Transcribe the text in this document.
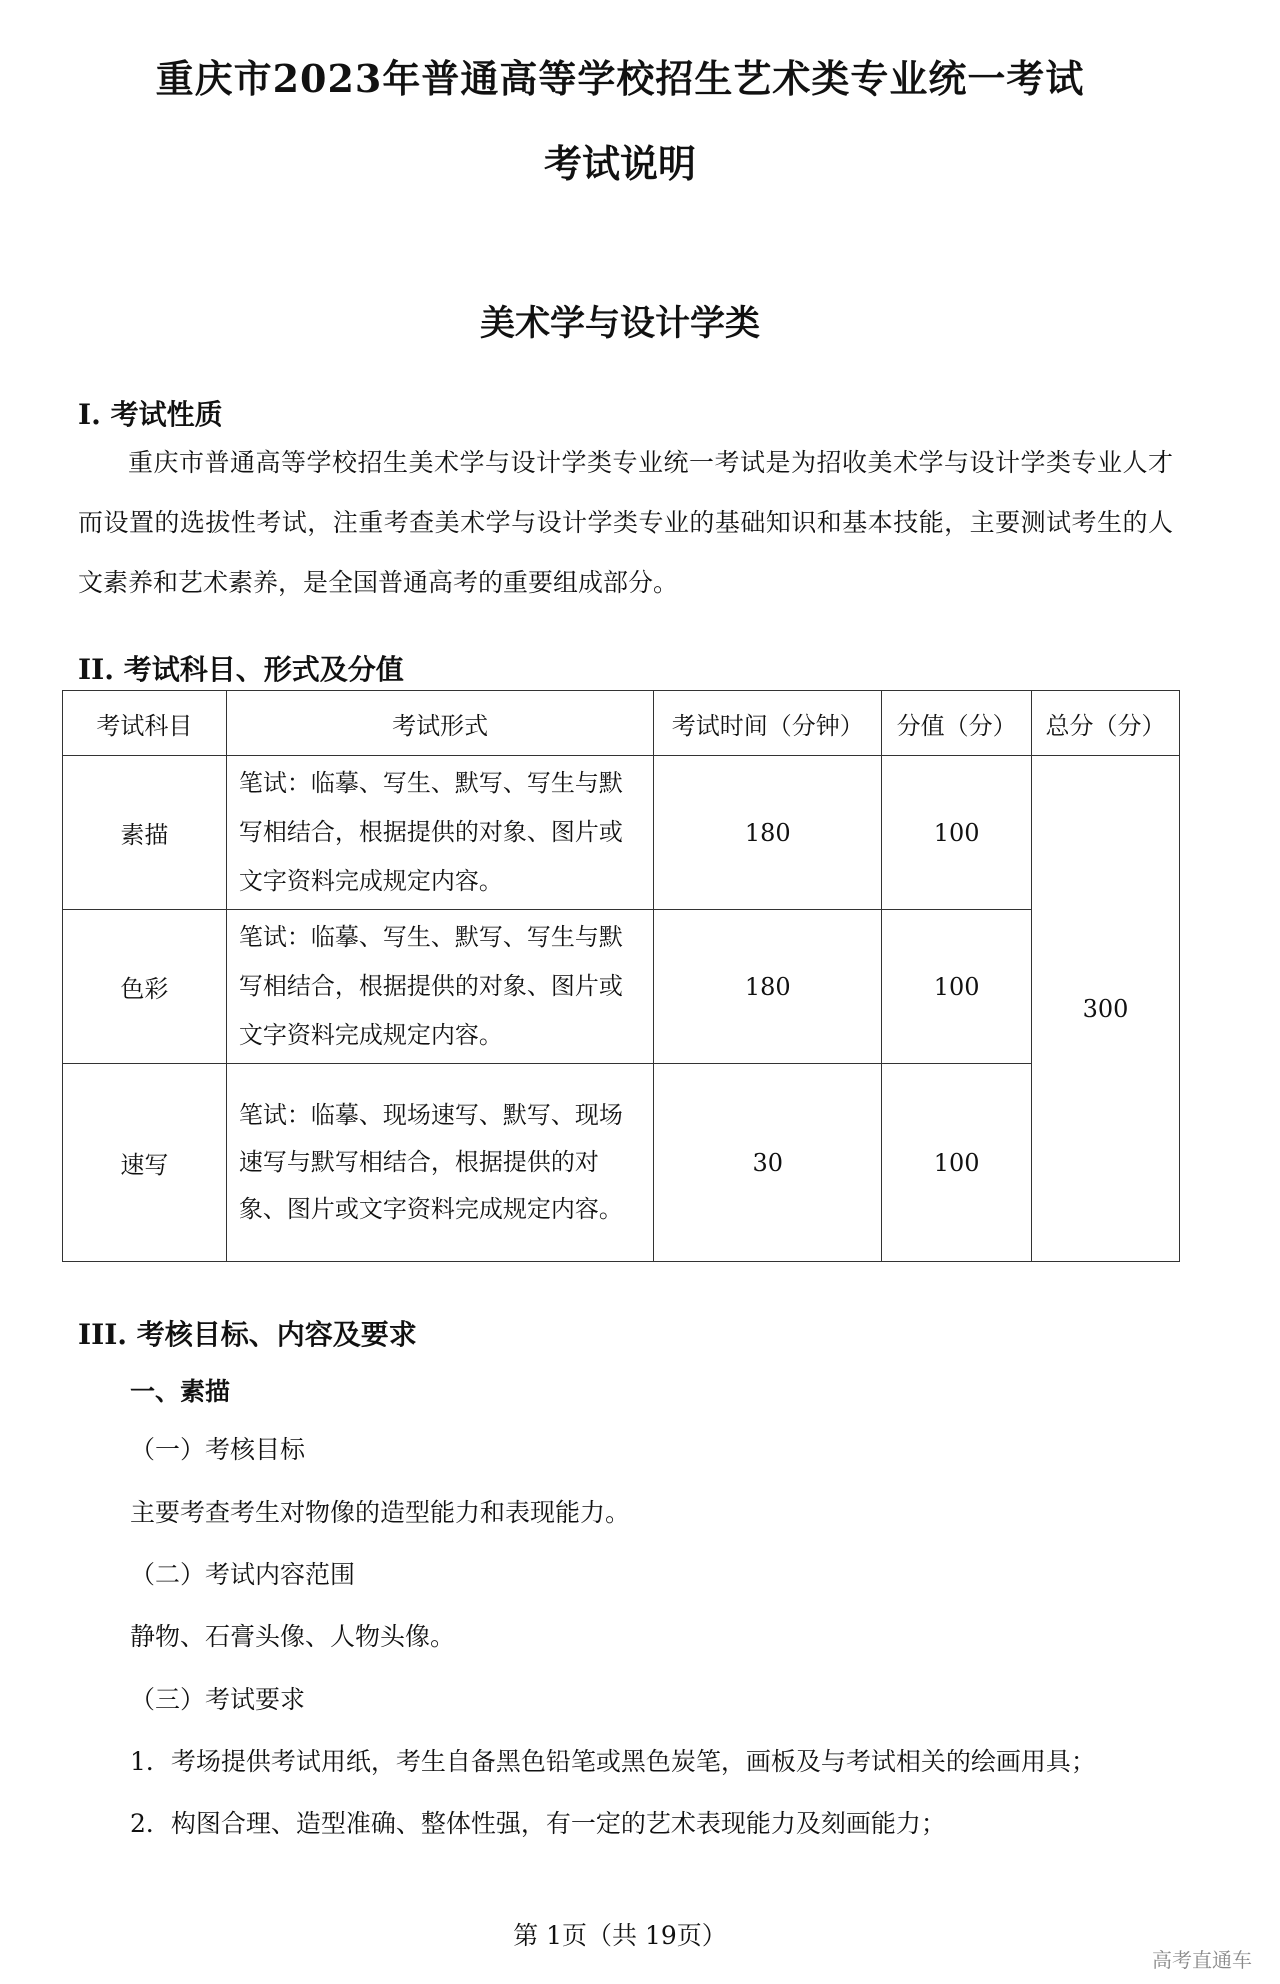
重庆市2023年普通高等学校招生艺术类专业统一考试
考试说明
美术学与设计学类
I. 考试性质
重庆市普通高等学校招生美术学与设计学类专业统一考试是为招收美术学与设计学类专业人才而设置的选拔性考试，注重考查美术学与设计学类专业的基础知识和基本技能，主要测试考生的人文素养和艺术素养，是全国普通高考的重要组成部分。
II. 考试科目、形式及分值
考试科目	考试形式	考试时间（分钟）	分值（分）	总分（分）
素描	笔试：临摹、写生、默写、写生与默写相结合，根据提供的对象、图片或文字资料完成规定内容。	180	100	300
色彩	笔试：临摹、写生、默写、写生与默写相结合，根据提供的对象、图片或文字资料完成规定内容。	180	100	
速写	笔试：临摹、现场速写、默写、现场速写与默写相结合，根据提供的对象、图片或文字资料完成规定内容。	30	100	
III. 考核目标、内容及要求
一、素描
（一）考核目标
主要考查考生对物像的造型能力和表现能力。
（二）考试内容范围
静物、石膏头像、人物头像。
（三）考试要求
1．考场提供考试用纸，考生自备黑色铅笔或黑色炭笔，画板及与考试相关的绘画用具；
2．构图合理、造型准确、整体性强，有一定的艺术表现能力及刻画能力；
第 1页（共 19页）
高考直通车
